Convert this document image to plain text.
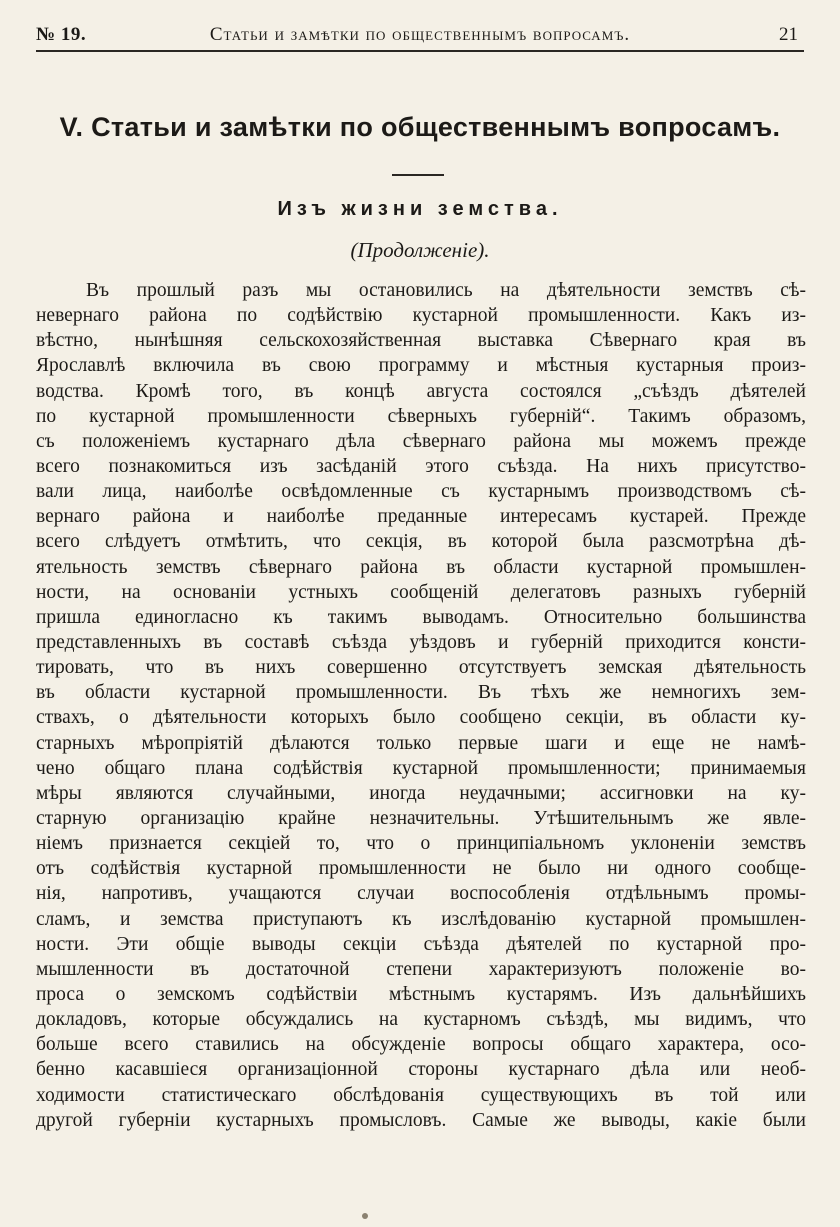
№ 19.	Статьи и замѣтки по общественнымъ вопросамъ.	21
V. Статьи и замѣтки по общественнымъ вопросамъ.
Изъ жизни земства.
(Продолженіе).
Въ прошлый разъ мы остановились на дѣятельности земствъ сѣ-
невернаго района по содѣйствію кустарной промышленности. Какъ из-
вѣстно, нынѣшняя сельскохозяйственная выставка Сѣвернаго края въ
Ярославлѣ включила въ свою программу и мѣстныя кустарныя произ-
водства. Кромѣ того, въ концѣ августа состоялся „съѣздъ дѣятелей
по кустарной промышленности сѣверныхъ губерній“. Такимъ образомъ,
съ положеніемъ кустарнаго дѣла сѣвернаго района мы можемъ прежде
всего познакомиться изъ засѣданій этого съѣзда. На нихъ присутство-
вали лица, наиболѣе освѣдомленные съ кустарнымъ производствомъ сѣ-
вернаго района и наиболѣе преданные интересамъ кустарей. Прежде
всего слѣдуетъ отмѣтить, что секція, въ которой была разсмотрѣна дѣ-
ятельность земствъ сѣвернаго района въ области кустарной промышлен-
ности, на основаніи устныхъ сообщеній делегатовъ разныхъ губерній
пришла единогласно къ такимъ выводамъ. Относительно большинства
представленныхъ въ составѣ съѣзда уѣздовъ и губерній приходится консти-
тировать, что въ нихъ совершенно отсутствуетъ земская дѣятельность
въ области кустарной промышленности. Въ тѣхъ же немногихъ зем-
ствахъ, о дѣятельности которыхъ было сообщено секціи, въ области ку-
старныхъ мѣропріятій дѣлаются только первые шаги и еще не намѣ-
чено общаго плана содѣйствія кустарной промышленности; принимаемыя
мѣры являются случайными, иногда неудачными; ассигновки на ку-
старную организацію крайне незначительны. Утѣшительнымъ же явле-
ніемъ признается секціей то, что о принципіальномъ уклоненіи земствъ
отъ содѣйствія кустарной промышленности не было ни одного сообще-
нія, напротивъ, учащаются случаи воспособленія отдѣльнымъ промы-
сламъ, и земства приступаютъ къ изслѣдованію кустарной промышлен-
ности. Эти общіе выводы секціи съѣзда дѣятелей по кустарной про-
мышленности въ достаточной степени характеризуютъ положеніе во-
проса о земскомъ содѣйствіи мѣстнымъ кустарямъ. Изъ дальнѣйшихъ
докладовъ, которые обсуждались на кустарномъ съѣздѣ, мы видимъ, что
больше всего ставились на обсужденіе вопросы общаго характера, осо-
бенно касавшіеся организаціонной стороны кустарнаго дѣла или необ-
ходимости статистическаго обслѣдованія существующихъ въ той или
другой губерніи кустарныхъ промысловъ. Самые же выводы, какіе были
